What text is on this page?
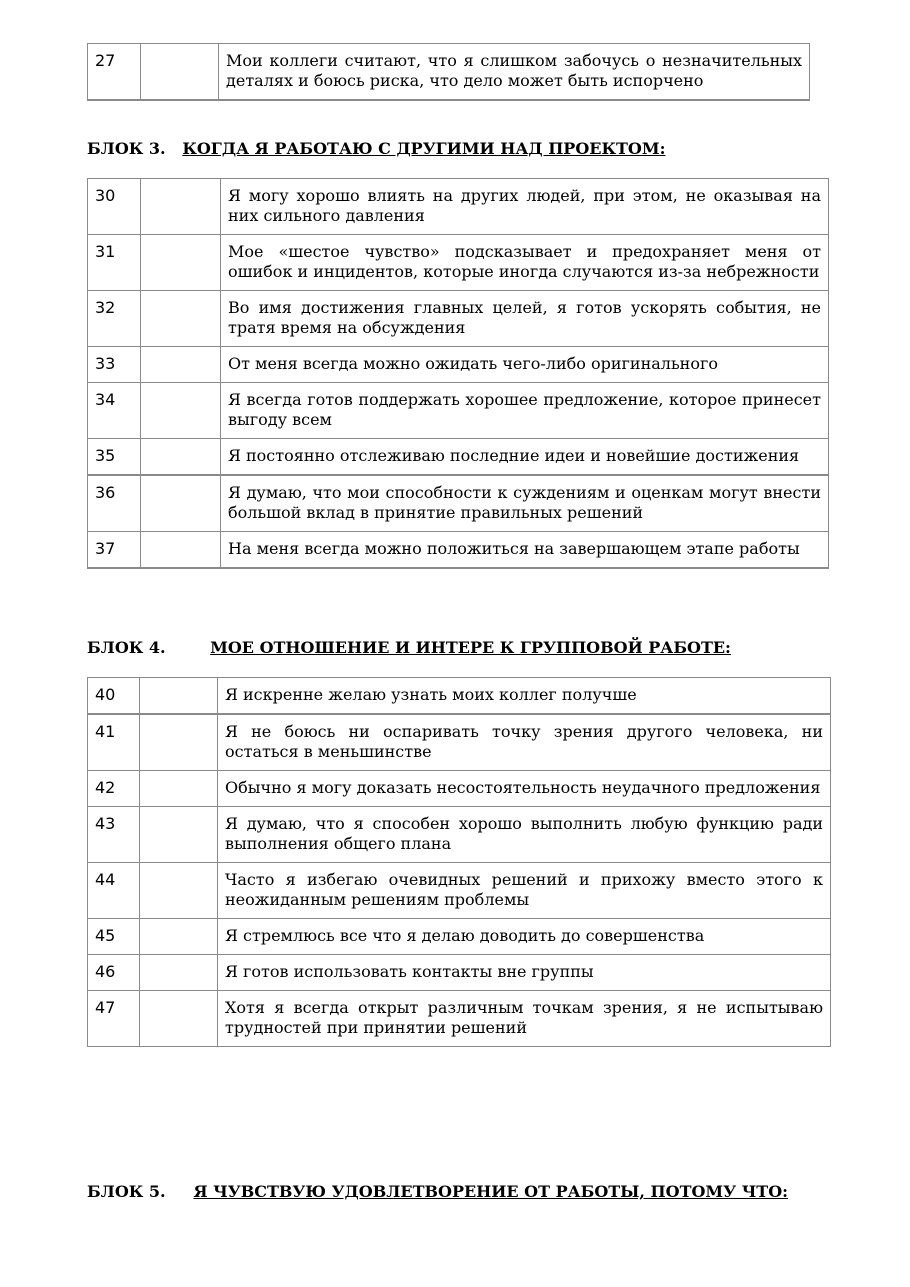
27		Мои коллеги считают, что я слишком забочусь о незначительных деталях и боюсь риска, что дело может быть испорчено
БЛОК 3. КОГДА Я РАБОТАЮ С ДРУГИМИ НАД ПРОЕКТОМ:
30		Я могу хорошо влиять на других людей, при этом, не оказывая на них сильного давления
31		Мое «шестое чувство» подсказывает и предохраняет меня от ошибок и инцидентов, которые иногда случаются из-за небрежности
32		Во имя достижения главных целей, я готов ускорять события, не тратя время на обсуждения
33		От меня всегда можно ожидать чего-либо оригинального
34		Я всегда готов поддержать хорошее предложение, которое принесет выгоду всем
35		Я постоянно отслеживаю последние идеи и новейшие достижения
36		Я думаю, что мои способности к суждениям и оценкам могут внести большой вклад в принятие правильных решений
37		На меня всегда можно положиться на завершающем этапе работы
БЛОК 4.	МОЕ ОТНОШЕНИЕ И ИНТЕРЕ К ГРУППОВОЙ РАБОТЕ:
40		Я искренне желаю узнать моих коллег получше
41		Я не боюсь ни оспаривать точку зрения другого человека, ни остаться в меньшинстве
42		Обычно я могу доказать несостоятельность неудачного предложения
43		Я думаю, что я способен хорошо выполнить любую функцию ради выполнения общего плана
44		Часто я избегаю очевидных решений и прихожу вместо этого к неожиданным решениям проблемы
45		Я стремлюсь все что я делаю доводить до совершенства
46		Я готов использовать контакты вне группы
47		Хотя я всегда открыт различным точкам зрения, я не испытываю трудностей при принятии решений
БЛОК 5. Я ЧУВСТВУЮ УДОВЛЕТВОРЕНИЕ ОТ РАБОТЫ, ПОТОМУ ЧТО:
